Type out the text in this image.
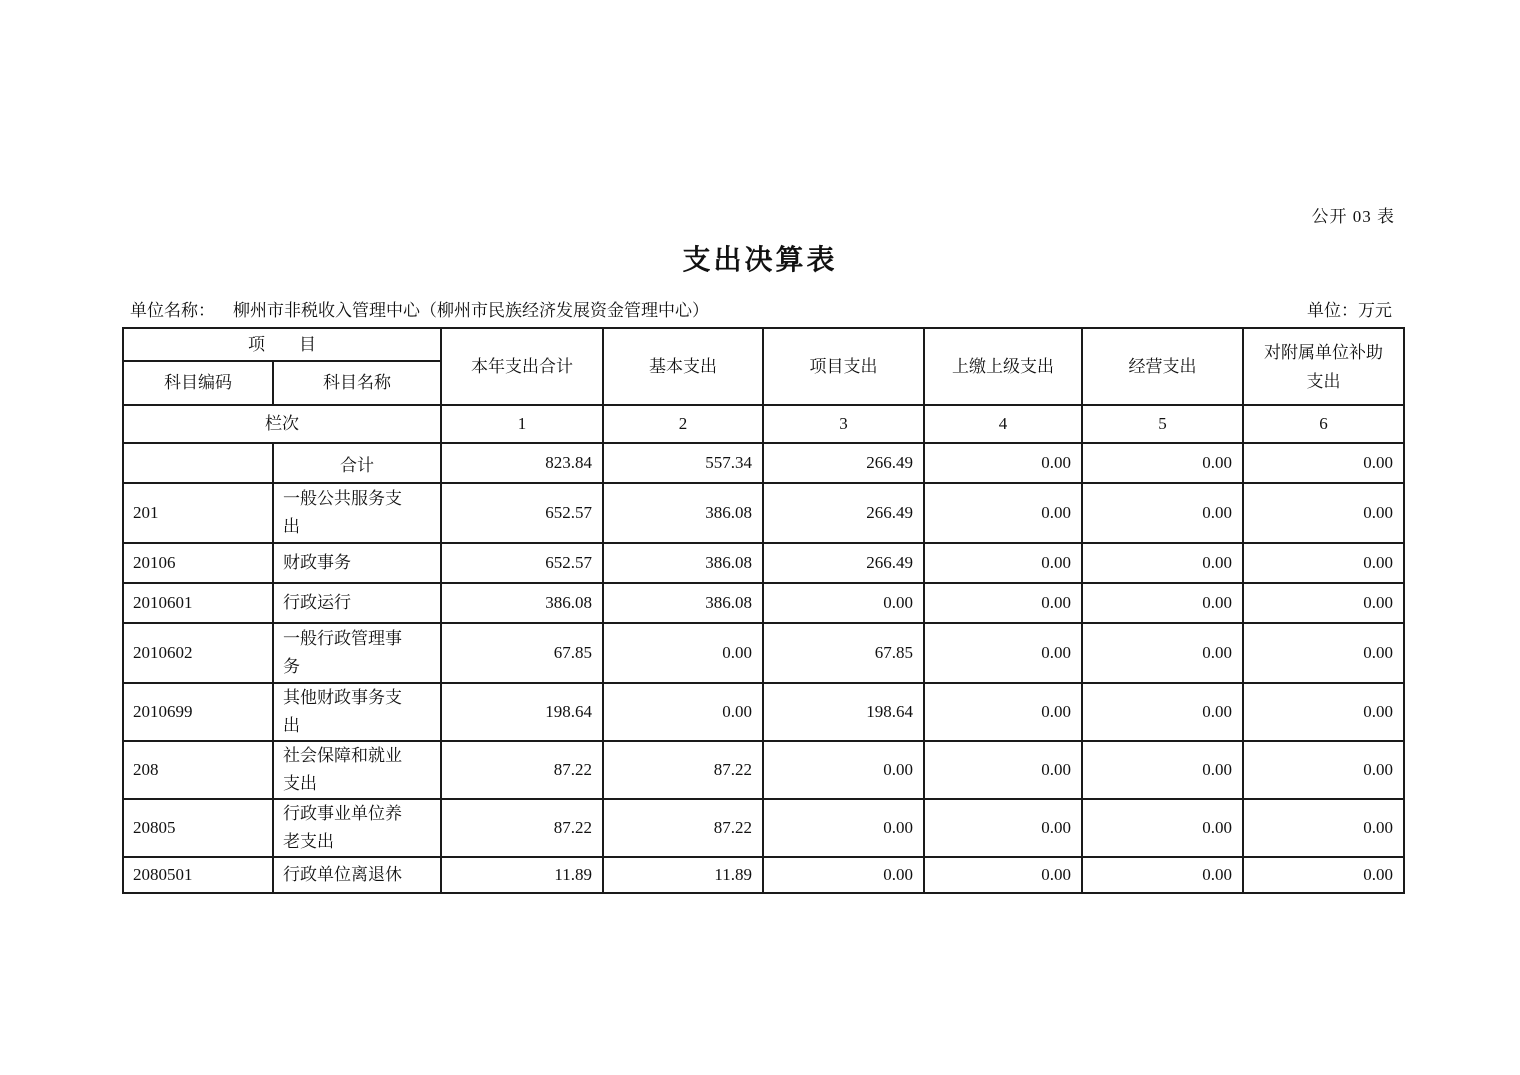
公开 03 表
支出决算表
单位名称： 柳州市非税收入管理中心（柳州市民族经济发展资金管理中心）	单位：万元
项　　目		本年支出合计	基本支出	项目支出	上缴上级支出	经营支出	对附属单位补助支出
科目编码	科目名称						
栏次		1	2	3	4	5	6
	合计	823.84	557.34	266.49	0.00	0.00	0.00
201	一般公共服务支出	652.57	386.08	266.49	0.00	0.00	0.00
20106	财政事务	652.57	386.08	266.49	0.00	0.00	0.00
2010601	行政运行	386.08	386.08	0.00	0.00	0.00	0.00
2010602	一般行政管理事务	67.85	0.00	67.85	0.00	0.00	0.00
2010699	其他财政事务支出	198.64	0.00	198.64	0.00	0.00	0.00
208	社会保障和就业支出	87.22	87.22	0.00	0.00	0.00	0.00
20805	行政事业单位养老支出	87.22	87.22	0.00	0.00	0.00	0.00
2080501	行政单位离退休	11.89	11.89	0.00	0.00	0.00	0.00
